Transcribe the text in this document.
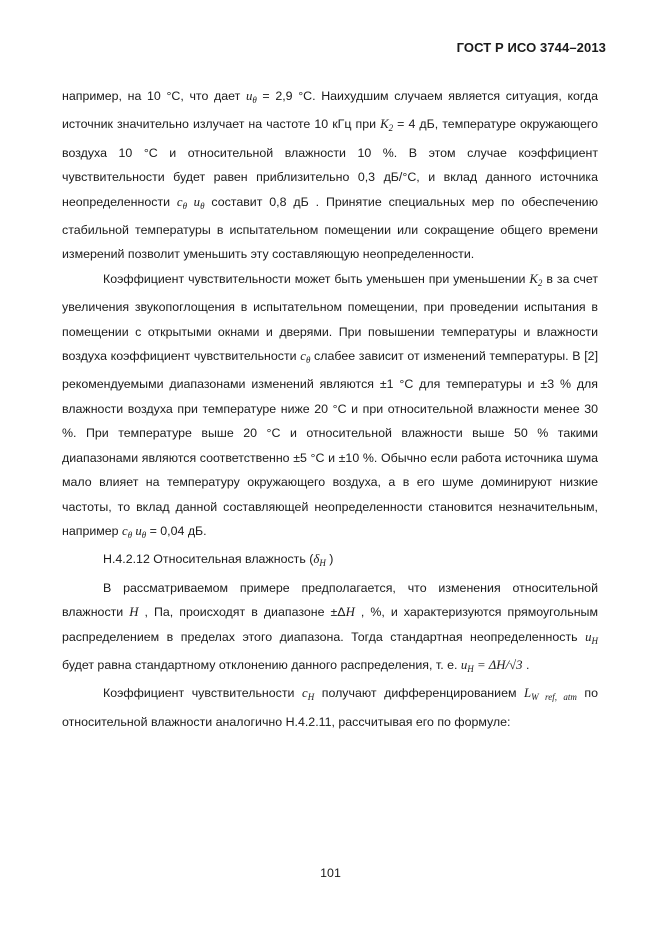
ГОСТ Р ИСО 3744–2013

например, на 10 °C, что дает $u_\theta = 2,9$ °C. Наихудшим случаем является ситуация, когда источник значительно излучает на частоте 10 кГц при $K_2 = 4$ дБ, температуре окружающего воздуха 10 °C и относительной влажности 10 %. В этом случае коэффициент чувствительности будет равен приблизительно 0,3 дБ/°C, и вклад данного источника неопределенности $c_\theta$ $u_\theta$ составит 0,8 дБ . Принятие специальных мер по обеспечению стабильной температуры в испытательном помещении или сокращение общего времени измерений позволит уменьшить эту составляющую неопределенности.

Коэффициент чувствительности может быть уменьшен при уменьшении $K_2$ в за счет увеличения звукопоглощения в испытательном помещении, при проведении испытания в помещении с открытыми окнами и дверями. При повышении температуры и влажности воздуха коэффициент чувствительности $c_\theta$ слабее зависит от изменений температуры. В [2] рекомендуемыми диапазонами изменений являются ±1 °C для температуры и ±3 % для влажности воздуха при температуре ниже 20 °C и при относительной влажности менее 30 %. При температуре выше 20 °C и относительной влажности выше 50 % такими диапазонами являются соответственно ±5 °C и ±10 %. Обычно если работа источника шума мало влияет на температуру окружающего воздуха, а в его шуме доминируют низкие частоты, то вклад данной составляющей неопределенности становится незначительным, например $c_\theta$ $u_\theta = 0,04$ дБ.

Н.4.2.12 Относительная влажность ($\delta_H$ )

В рассматриваемом примере предполагается, что изменения относительной влажности H , Па, происходят в диапазоне ±ΔH , %, и характеризуются прямоугольным распределением в пределах этого диапазона. Тогда стандартная неопределенность $u_H$ будет равна стандартному отклонению данного распределения, т. е. $u_H = \Delta H/√3$ .

Коэффициент чувствительности $c_H$ получают дифференцированием $L_{W ref, atm}$ по относительной влажности аналогично Н.4.2.11, рассчитывая его по формуле:

101
